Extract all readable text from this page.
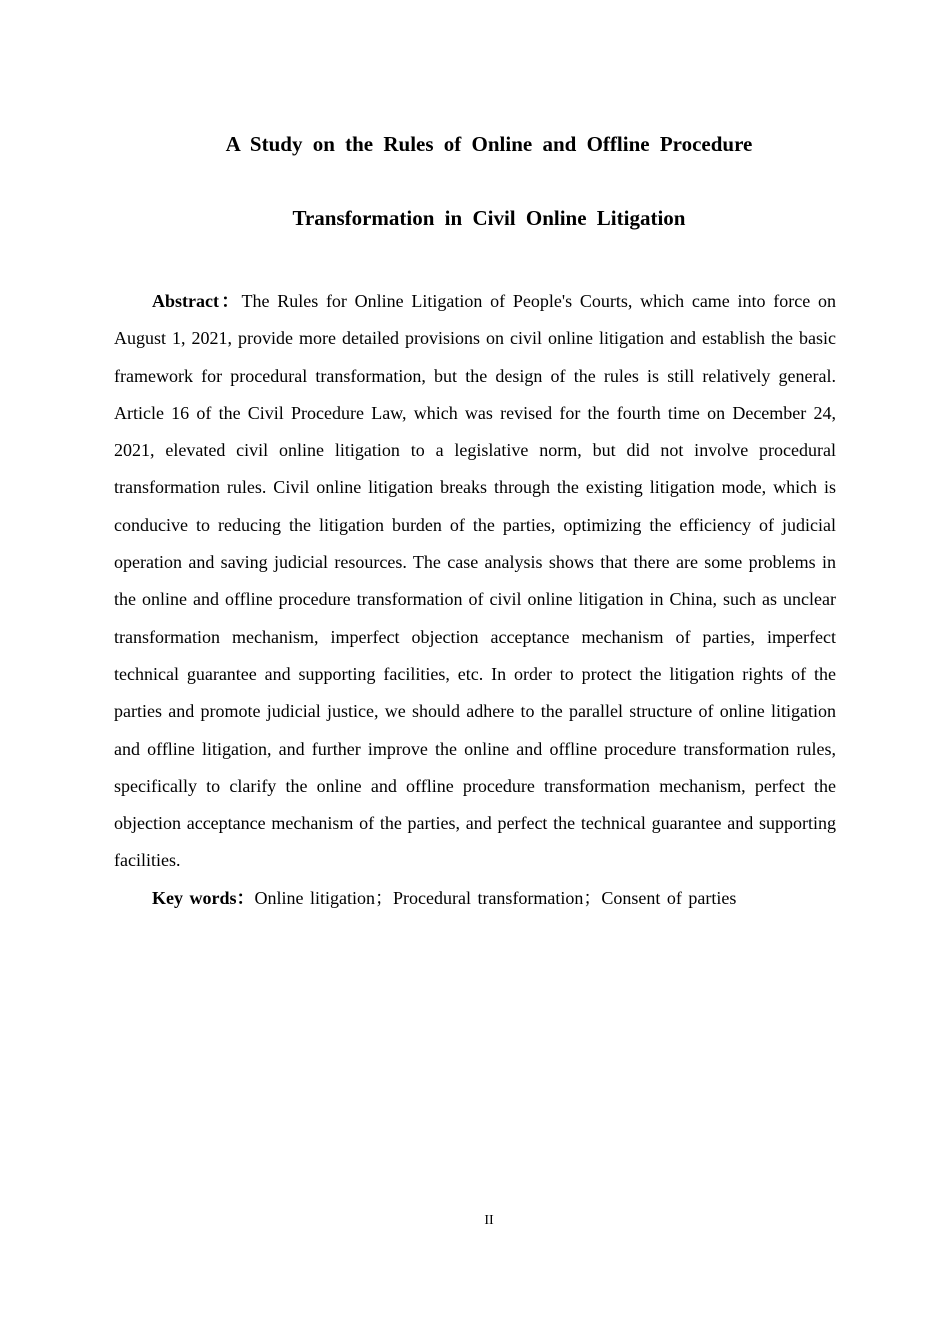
A Study on the Rules of Online and Offline Procedure
Transformation in Civil Online Litigation

Abstract：The Rules for Online Litigation of People's Courts, which came into force on August 1, 2021, provide more detailed provisions on civil online litigation and establish the basic framework for procedural transformation, but the design of the rules is still relatively general. Article 16 of the Civil Procedure Law, which was revised for the fourth time on December 24, 2021, elevated civil online litigation to a legislative norm, but did not involve procedural transformation rules. Civil online litigation breaks through the existing litigation mode, which is conducive to reducing the litigation burden of the parties, optimizing the efficiency of judicial operation and saving judicial resources. The case analysis shows that there are some problems in the online and offline procedure transformation of civil online litigation in China, such as unclear transformation mechanism, imperfect objection acceptance mechanism of parties, imperfect technical guarantee and supporting facilities, etc. In order to protect the litigation rights of the parties and promote judicial justice, we should adhere to the parallel structure of online litigation and offline litigation, and further improve the online and offline procedure transformation rules, specifically to clarify the online and offline procedure transformation mechanism, perfect the objection acceptance mechanism of the parties, and perfect the technical guarantee and supporting facilities.

Key words：Online litigation；Procedural transformation；Consent of parties

II
